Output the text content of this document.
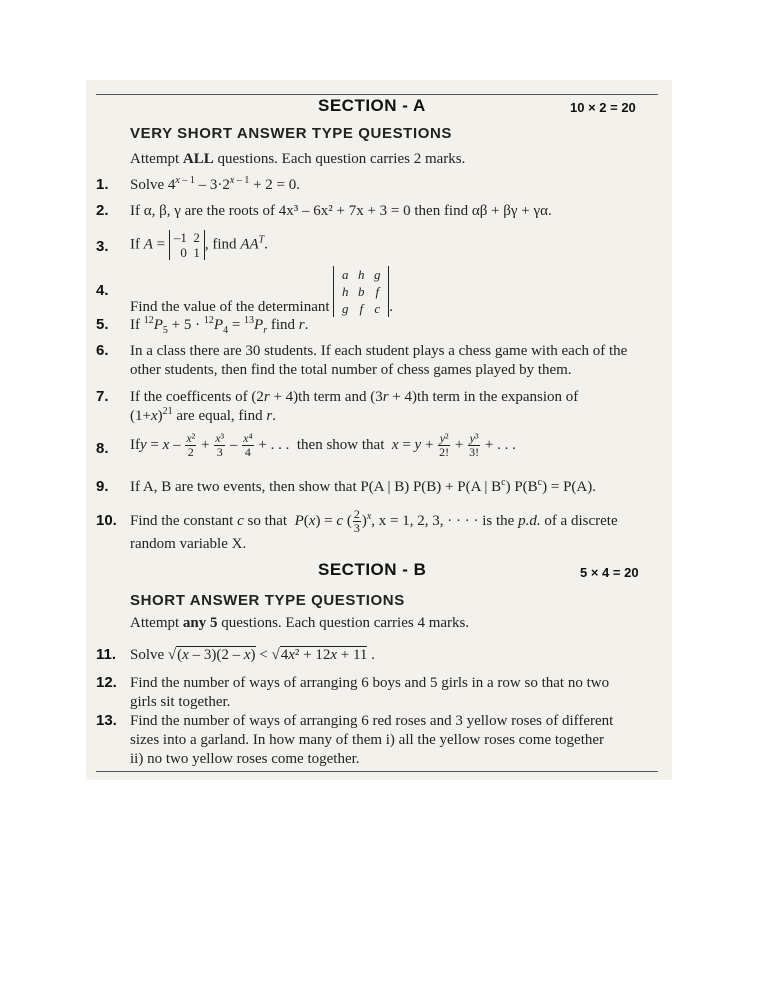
SECTION - A	10 × 2 = 20
VERY SHORT ANSWER TYPE QUESTIONS
Attempt ALL questions. Each question carries 2 marks.
1.
2.
3.
4.
5.
6.
7.
8.
9.
10.
Solve $4^{x - 1} - 3\cdot 2^{x - 1} + 2 = 0$.
If α, β, γ are the roots of 4x³ – 6x² + 7x + 3 = 0 then find αβ + βγ + γα.
If A = –1  2
0  1, find $AA^T$.
Find the value of the determinant a h g
h b f
g f c .
If $^{12}P_5 + 5 \cdot ^{12}P_4 = ^{13}P_r$ find r.
In a class there are 30 students. If each student plays a chess game with each of the
other students, then find the total number of chess games played by them.
If the coefficents of (2r + 4)th term and (3r + 4)th term in the expansion of
$(1+x)^{21}$ are equal, find r.
Ify = $x - \frac{\text{x²}}{2} + \frac{\text{x³}}{3} - \frac{\text{x⁴}}{4}$ + . . .  then show that $x = y + \frac{\text{y²}}{2!} + \frac{\text{y³}}{3!}$ + . . .
If A, B are two events, then show that P(A | B) P(B) + P(A | $B^c$) $P(B^c) = P(A)$.
Find the constant c so that P(x) = c ( $\frac{2}{3} )^x$, x = 1, 2, 3, · · · · is the p.d. of a discrete
random variable X.
SECTION - B	5 × 4 = 20
SHORT ANSWER TYPE QUESTIONS
Attempt any 5 questions. Each question carries 4 marks.
11.
12.
13.
Solve √(x – 3)(2 – x) < √4x² + 12x + 11 .
Find the number of ways of arranging 6 boys and 5 girls in a row so that no two
girls sit together.
Find the number of ways of arranging 6 red roses and 3 yellow roses of different
sizes into a garland. In how many of them i) all the yellow roses come together
ii) no two yellow roses come together.
